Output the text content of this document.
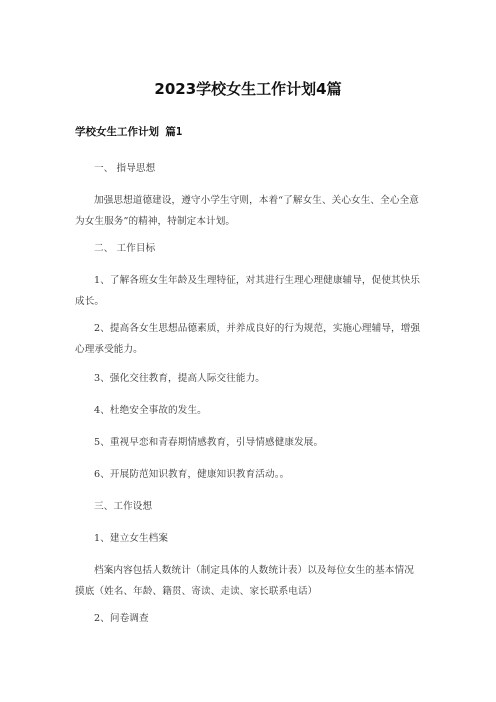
2023学校女生工作计划4篇
学校女生工作计划 篇1
一、 指导思想
加强思想道德建设，遵守小学生守则，本着“了解女生、关心女生、全心全意为女生服务”的精神，特制定本计划。
二、 工作目标
1、了解各班女生年龄及生理特征，对其进行生理心理健康辅导，促使其快乐成长。
2、提高各女生思想品德素质，并养成良好的行为规范，实施心理辅导，增强心理承受能力。
3、强化交往教育，提高人际交往能力。
4、杜绝安全事故的发生。
5、重视早恋和青春期情感教育，引导情感健康发展。
6、开展防范知识教育，健康知识教育活动。。
三、工作设想
1、建立女生档案
档案内容包括人数统计（制定具体的人数统计表）以及每位女生的基本情况摸底（姓名、年龄、籍贯、寄读、走读、家长联系电话）
2、问卷调查
